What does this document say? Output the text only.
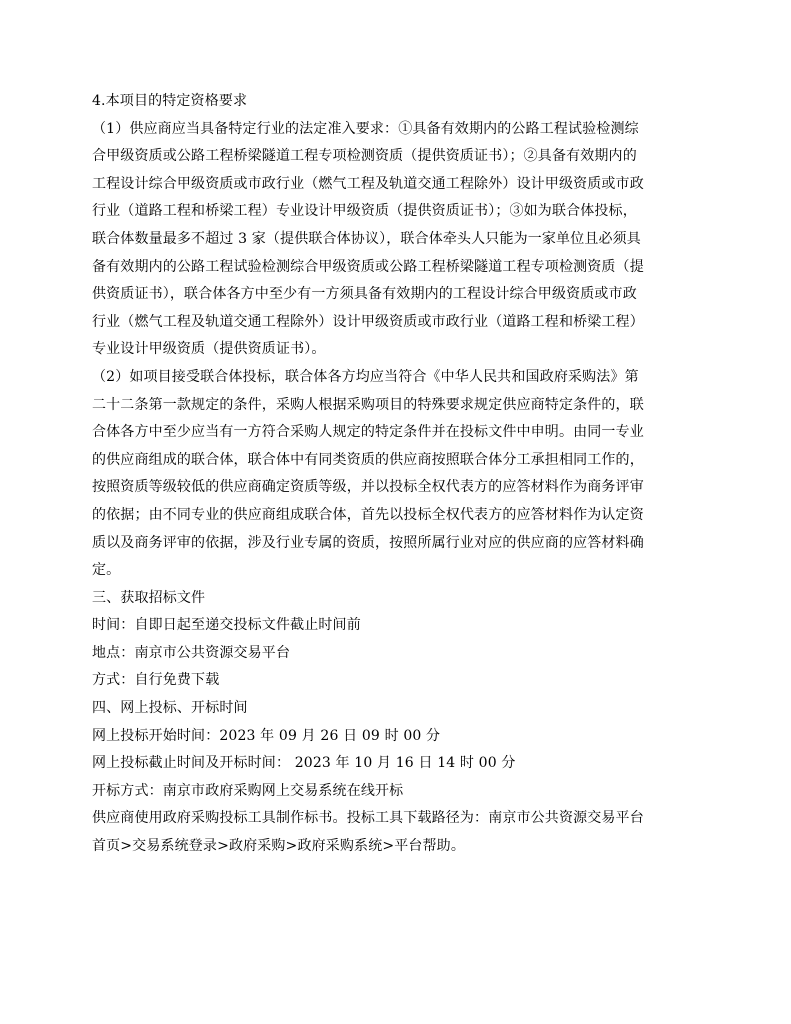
4.本项目的特定资格要求
（1）供应商应当具备特定行业的法定准入要求：①具备有效期内的公路工程试验检测综
合甲级资质或公路工程桥梁隧道工程专项检测资质（提供资质证书）；②具备有效期内的
工程设计综合甲级资质或市政行业（燃气工程及轨道交通工程除外）设计甲级资质或市政
行业（道路工程和桥梁工程）专业设计甲级资质（提供资质证书）；③如为联合体投标，
联合体数量最多不超过 3 家（提供联合体协议），联合体牵头人只能为一家单位且必须具
备有效期内的公路工程试验检测综合甲级资质或公路工程桥梁隧道工程专项检测资质（提
供资质证书），联合体各方中至少有一方须具备有效期内的工程设计综合甲级资质或市政
行业（燃气工程及轨道交通工程除外）设计甲级资质或市政行业（道路工程和桥梁工程）
专业设计甲级资质（提供资质证书）。
（2）如项目接受联合体投标，联合体各方均应当符合《中华人民共和国政府采购法》第
二十二条第一款规定的条件，采购人根据采购项目的特殊要求规定供应商特定条件的，联
合体各方中至少应当有一方符合采购人规定的特定条件并在投标文件中申明。由同一专业
的供应商组成的联合体，联合体中有同类资质的供应商按照联合体分工承担相同工作的，
按照资质等级较低的供应商确定资质等级，并以投标全权代表方的应答材料作为商务评审
的依据；由不同专业的供应商组成联合体，首先以投标全权代表方的应答材料作为认定资
质以及商务评审的依据，涉及行业专属的资质，按照所属行业对应的供应商的应答材料确
定。
三、获取招标文件
时间：自即日起至递交投标文件截止时间前
地点：南京市公共资源交易平台
方式：自行免费下载
四、网上投标、开标时间
网上投标开始时间：2023 年 09 月 26 日 09 时 00 分
网上投标截止时间及开标时间： 2023 年 10 月 16 日 14 时 00 分
开标方式：南京市政府采购网上交易系统在线开标
供应商使用政府采购投标工具制作标书。投标工具下载路径为：南京市公共资源交易平台
首页>交易系统登录>政府采购>政府采购系统>平台帮助。
